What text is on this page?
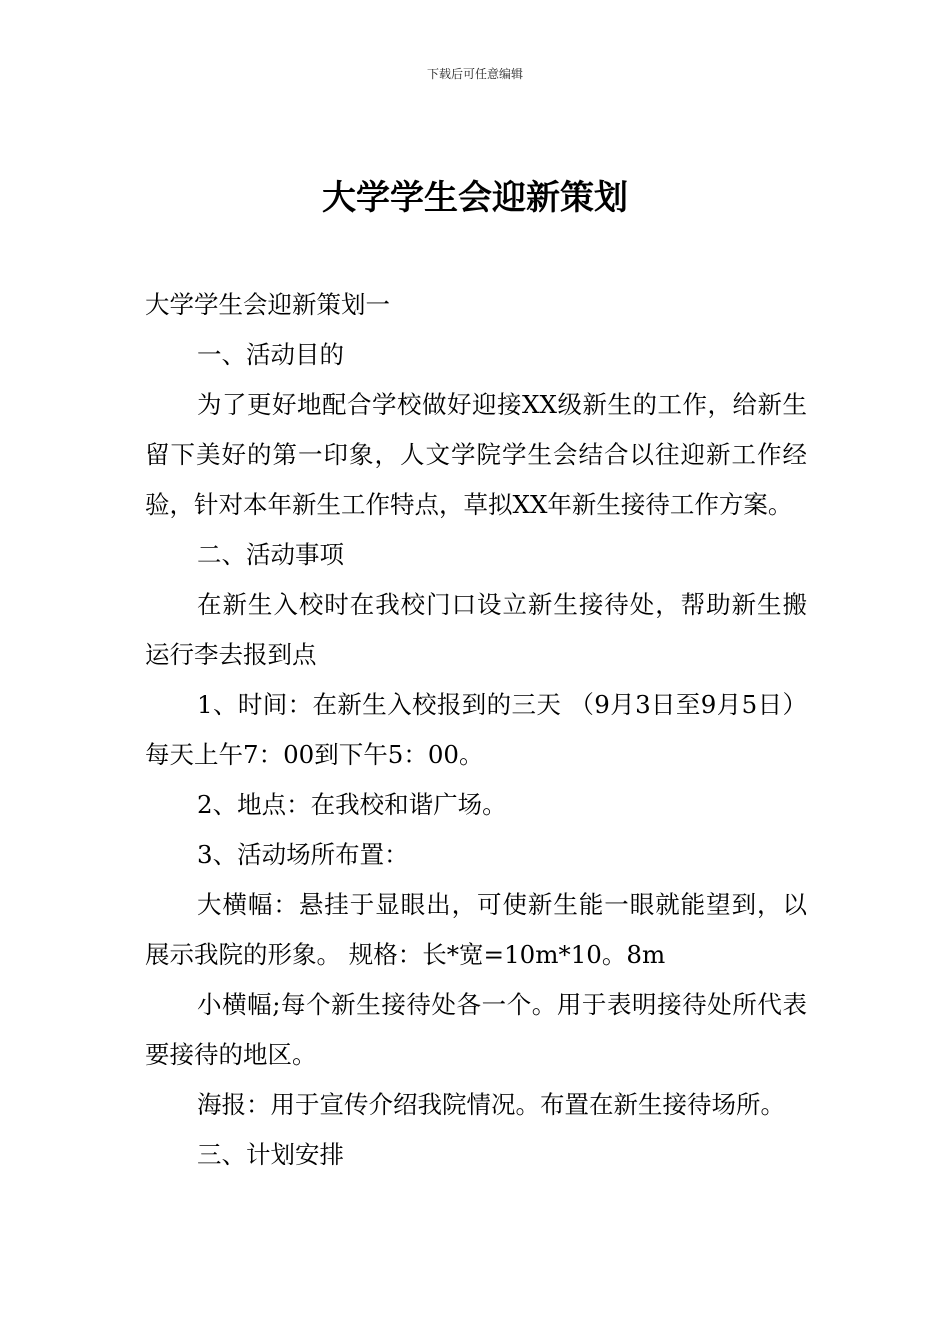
下载后可任意编辑
大学学生会迎新策划

大学学生会迎新策划一

一、活动目的

为了更好地配合学校做好迎接XX级新生的工作，给新生留下美好的第一印象，人文学院学生会结合以往迎新工作经验，针对本年新生工作特点，草拟XX年新生接待工作方案。

二、活动事项

在新生入校时在我校门口设立新生接待处，帮助新生搬运行李去报到点

1、时间：在新生入校报到的三天 （9月3日至9月5日）每天上午7：00到下午5：00。

2、地点：在我校和谐广场。

3、活动场所布置：

大横幅：悬挂于显眼出，可使新生能一眼就能望到，以展示我院的形象。 规格：长*宽=10m*10。8m

小横幅;每个新生接待处各一个。用于表明接待处所代表要接待的地区。

海报：用于宣传介绍我院情况。布置在新生接待场所。

三、计划安排
